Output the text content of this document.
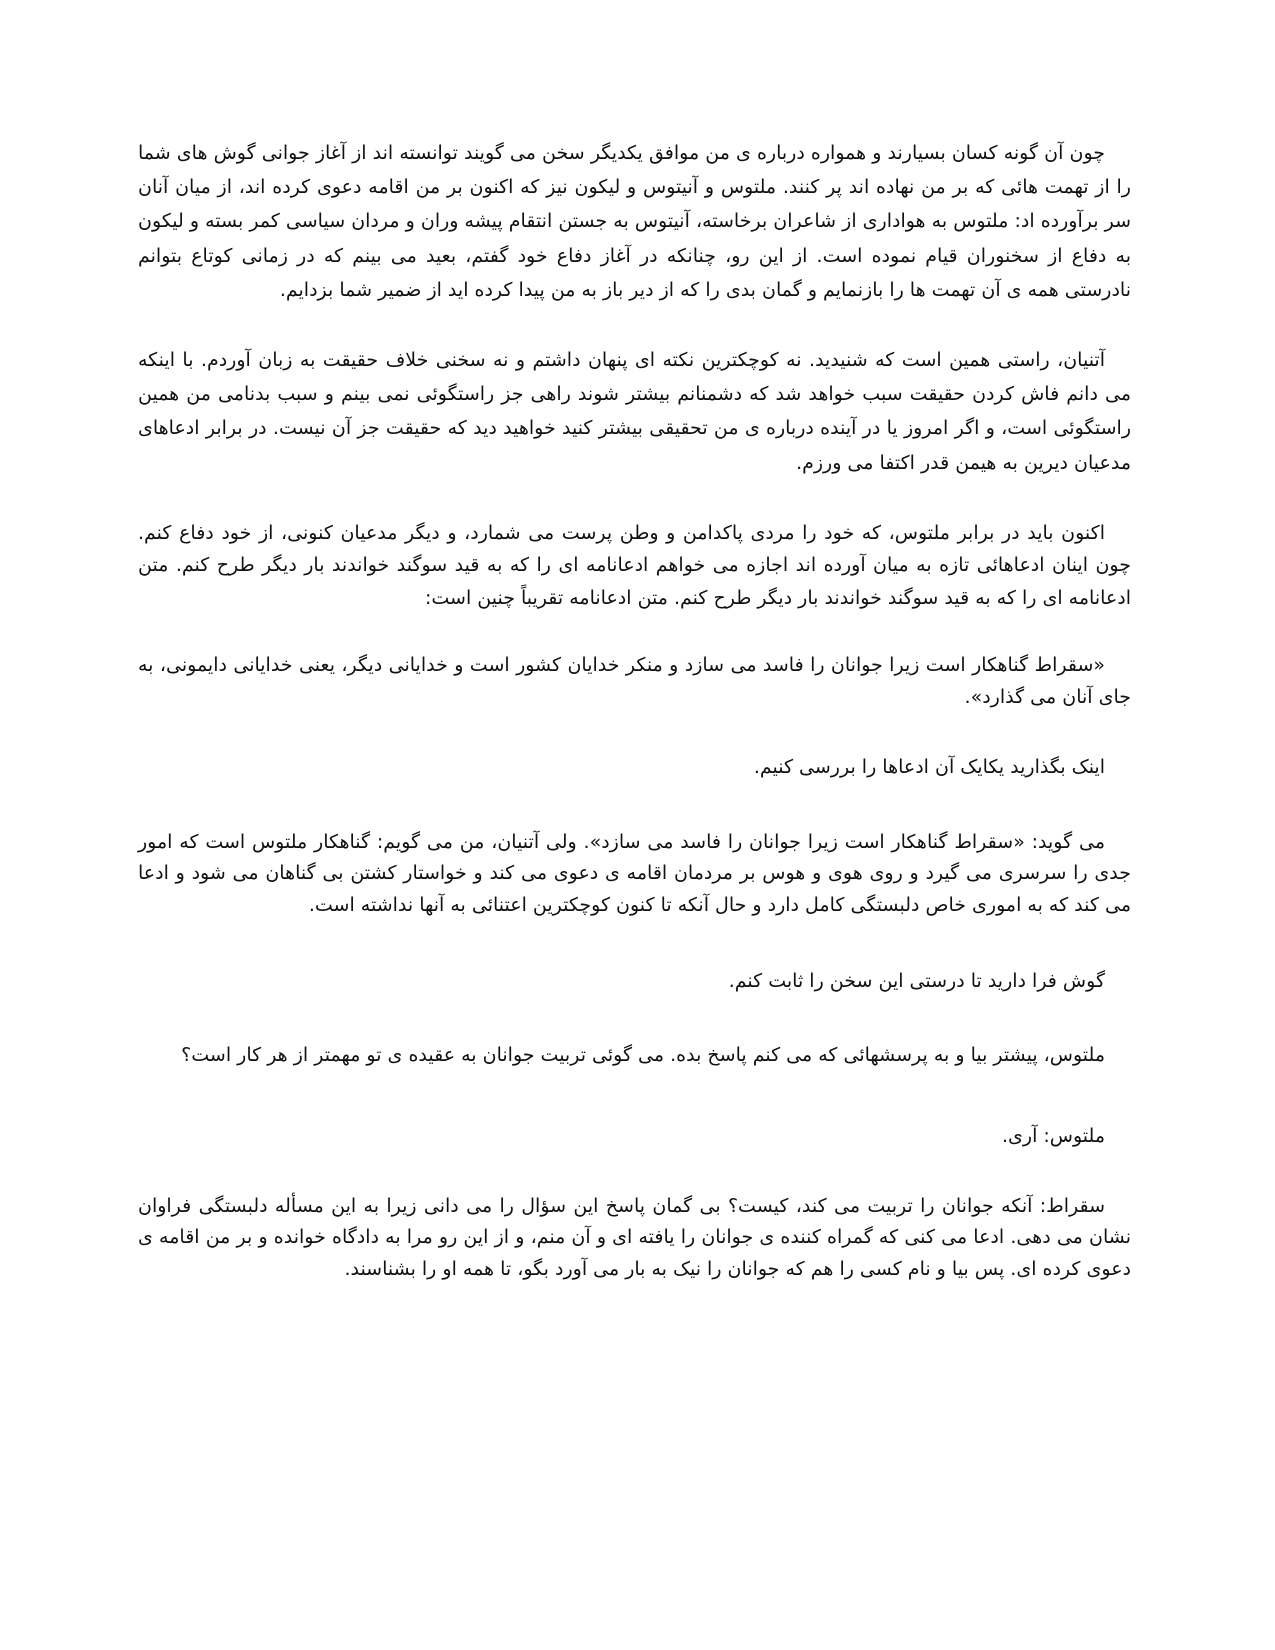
چون آن گونه کسان بسیارند و همواره درباره ی من موافق یکدیگر سخن می گویند توانسته اند از آغاز جوانی گوش های شما را از تهمت هائی که بر من نهاده اند پر کنند. ملتوس و آنیتوس و لیکون نیز که اکنون بر من اقامه دعوی کرده اند، از میان آنان سر برآورده اد: ملتوس به هواداری از شاعران برخاسته، آنیتوس به جستن انتقام پیشه وران و مردان سیاسی کمر بسته و لیکون به دفاع از سخنوران قیام نموده است. از این رو، چنانکه در آغاز دفاع خود گفتم، بعید می بینم که در زمانی کوتاع بتوانم نادرستی همه ی آن تهمت ها را بازنمایم و گمان بدی را که از دیر باز به من پیدا کرده اید از ضمیر شما بزدایم.

آتنیان، راستی همین است که شنیدید. نه کوچکترین نکته ای پنهان داشتم و نه سخنی خلاف حقیقت به زبان آوردم. با اینکه می دانم فاش کردن حقیقت سبب خواهد شد که دشمنانم بیشتر شوند راهی جز راستگوئی نمی بینم و سبب بدنامی من همین راستگوئی است، و اگر امروز یا در آینده درباره ی من تحقیقی بیشتر کنید خواهید دید که حقیقت جز آن نیست. در برابر ادعاهای مدعیان دیرین به هیمن قدر اکتفا می ورزم.

اکنون باید در برابر ملتوس، که خود را مردی پاکدامن و وطن پرست می شمارد، و دیگر مدعیان کنونی، از خود دفاع کنم. چون اینان ادعاهائی تازه به میان آورده اند اجازه می خواهم ادعانامه ای را که به قید سوگند خواندند بار دیگر طرح کنم. متن ادعانامه ای را که به قید سوگند خواندند بار دیگر طرح کنم. متن ادعانامه تقریباً چنین است:

«سقراط گناهکار است زیرا جوانان را فاسد می سازد و منکر خدایان کشور است و خدایانی دیگر، یعنی خدایانی دایمونی، به جای آنان می گذارد».

اینک بگذارید یکایک آن ادعاها را بررسی کنیم.

می گوید: «سقراط گناهکار است زیرا جوانان را فاسد می سازد». ولی آتنیان، من می گویم: گناهکار ملتوس است که امور جدی را سرسری می گیرد و روی هوی و هوس بر مردمان اقامه ی دعوی می کند و خواستار کشتن بی گناهان می شود و ادعا می کند که به اموری خاص دلبستگی کامل دارد و حال آنکه تا کنون کوچکترین اعتنائی به آنها نداشته است.

گوش فرا دارید تا درستی این سخن را ثابت کنم.

ملتوس، پیشتر بیا و به پرسشهائی که می کنم پاسخ بده. می گوئی تربیت جوانان به عقیده ی تو مهمتر از هر کار است؟

ملتوس: آری.

سقراط: آنکه جوانان را تربیت می کند، کیست؟ بی گمان پاسخ این سؤال را می دانی زیرا به این مسأله دلبستگی فراوان نشان می دهی. ادعا می کنی که گمراه کننده ی جوانان را یافته ای و آن منم، و از این رو مرا به دادگاه خوانده و بر من اقامه ی دعوی کرده ای. پس بیا و نام کسی را هم که جوانان را نیک به بار می آورد بگو، تا همه او را بشناسند.
